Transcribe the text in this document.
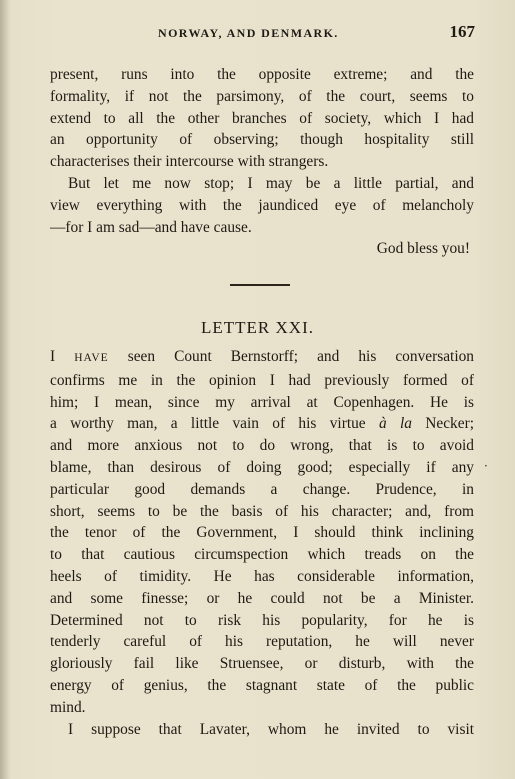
NORWAY, AND DENMARK.	167
present, runs into the opposite extreme; and the
formality, if not the parsimony, of the court, seems to
extend to all the other branches of society, which I had
an opportunity of observing; though hospitality still
characterises their intercourse with strangers.
But let me now stop; I may be a little partial, and
view everything with the jaundiced eye of melancholy
—for I am sad—and have cause.
God bless you!
LETTER XXI.
I HAVE seen Count Bernstorff; and his conversation
confirms me in the opinion I had previously formed of
him; I mean, since my arrival at Copenhagen. He is
a worthy man, a little vain of his virtue à la Necker;
and more anxious not to do wrong, that is to avoid
blame, than desirous of doing good; especially if any
particular good demands a change. Prudence, in
short, seems to be the basis of his character; and, from
the tenor of the Government, I should think inclining
to that cautious circumspection which treads on the
heels of timidity. He has considerable information,
and some finesse; or he could not be a Minister.
Determined not to risk his popularity, for he is
tenderly careful of his reputation, he will never
gloriously fail like Struensee, or disturb, with the
energy of genius, the stagnant state of the public
mind.
I suppose that Lavater, whom he invited to visit
·
